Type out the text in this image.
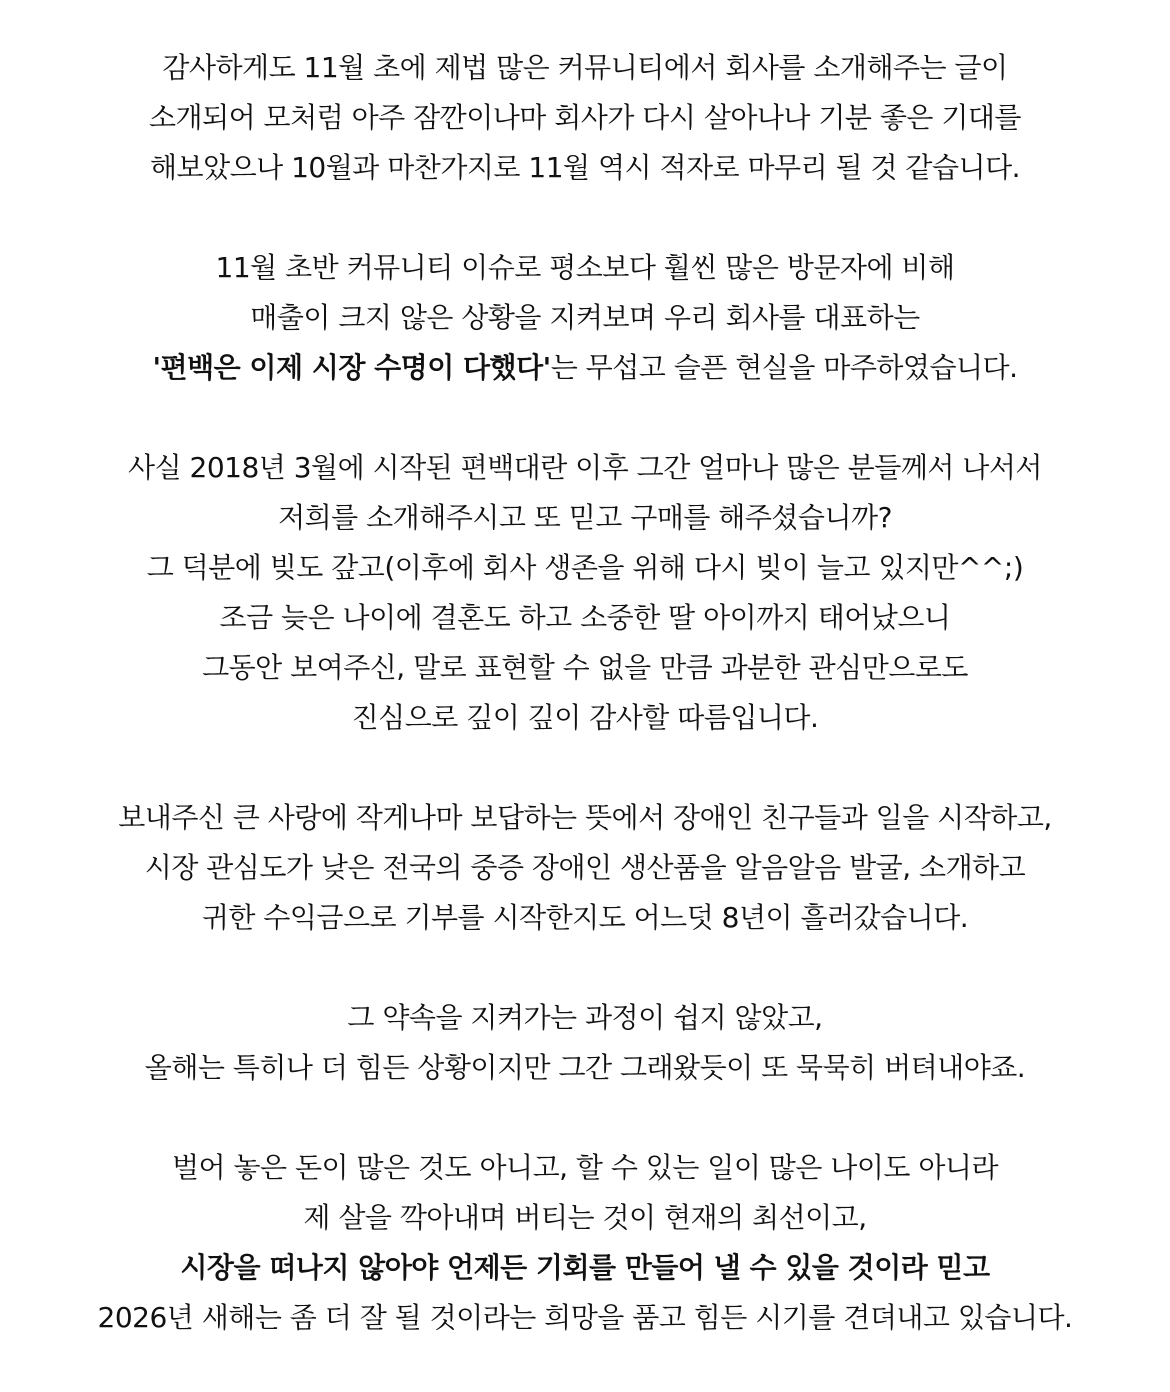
감사하게도 11월 초에 제법 많은 커뮤니티에서 회사를 소개해주는 글이
소개되어 모처럼 아주 잠깐이나마 회사가 다시 살아나나 기분 좋은 기대를
해보았으나 10월과 마찬가지로 11월 역시 적자로 마무리 될 것 같습니다.
11월 초반 커뮤니티 이슈로 평소보다 훨씬 많은 방문자에 비해
매출이 크지 않은 상황을 지켜보며 우리 회사를 대표하는
'편백은 이제 시장 수명이 다했다'는 무섭고 슬픈 현실을 마주하였습니다.
사실 2018년 3월에 시작된 편백대란 이후 그간 얼마나 많은 분들께서 나서서
저희를 소개해주시고 또 믿고 구매를 해주셨습니까?
그 덕분에 빚도 갚고(이후에 회사 생존을 위해 다시 빚이 늘고 있지만^^;)
조금 늦은 나이에 결혼도 하고 소중한 딸 아이까지 태어났으니
그동안 보여주신, 말로 표현할 수 없을 만큼 과분한 관심만으로도
진심으로 깊이 깊이 감사할 따름입니다.
보내주신 큰 사랑에 작게나마 보답하는 뜻에서 장애인 친구들과 일을 시작하고,
시장 관심도가 낮은 전국의 중증 장애인 생산품을 알음알음 발굴, 소개하고
귀한 수익금으로 기부를 시작한지도 어느덧 8년이 흘러갔습니다.
그 약속을 지켜가는 과정이 쉽지 않았고,
올해는 특히나 더 힘든 상황이지만 그간 그래왔듯이 또 묵묵히 버텨내야죠.
벌어 놓은 돈이 많은 것도 아니고, 할 수 있는 일이 많은 나이도 아니라
제 살을 깍아내며 버티는 것이 현재의 최선이고,
시장을 떠나지 않아야 언제든 기회를 만들어 낼 수 있을 것이라 믿고
2026년 새해는 좀 더 잘 될 것이라는 희망을 품고 힘든 시기를 견뎌내고 있습니다.
